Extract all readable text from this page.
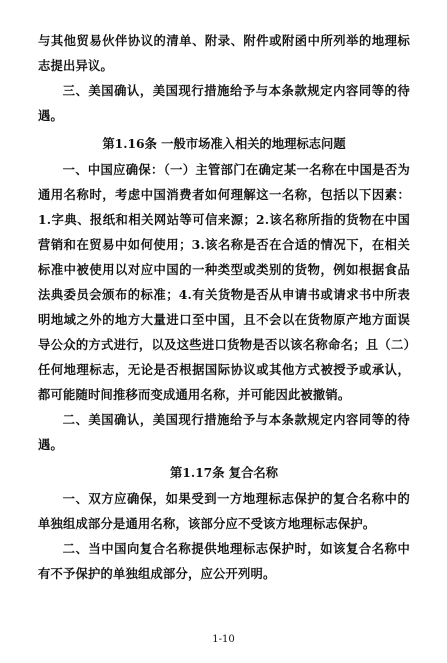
与其他贸易伙伴协议的清单、附录、附件或附函中所列举的地理标志提出异议。

三、美国确认，美国现行措施给予与本条款规定内容同等的待遇。

第1.16条 一般市场准入相关的地理标志问题

一、中国应确保：（一）主管部门在确定某一名称在中国是否为通用名称时，考虑中国消费者如何理解这一名称，包括以下因素：1.字典、报纸和相关网站等可信来源；2.该名称所指的货物在中国营销和在贸易中如何使用；3.该名称是否在合适的情况下，在相关标准中被使用以对应中国的一种类型或类别的货物，例如根据食品法典委员会颁布的标准；4.有关货物是否从申请书或请求书中所表明地域之外的地方大量进口至中国，且不会以在货物原产地方面误导公众的方式进行，以及这些进口货物是否以该名称命名；且（二）任何地理标志，无论是否根据国际协议或其他方式被授予或承认，都可能随时间推移而变成通用名称，并可能因此被撤销。

二、美国确认，美国现行措施给予与本条款规定内容同等的待遇。

第1.17条 复合名称

一、双方应确保，如果受到一方地理标志保护的复合名称中的单独组成部分是通用名称，该部分应不受该方地理标志保护。

二、当中国向复合名称提供地理标志保护时，如该复合名称中有不予保护的单独组成部分，应公开列明。

1-10
